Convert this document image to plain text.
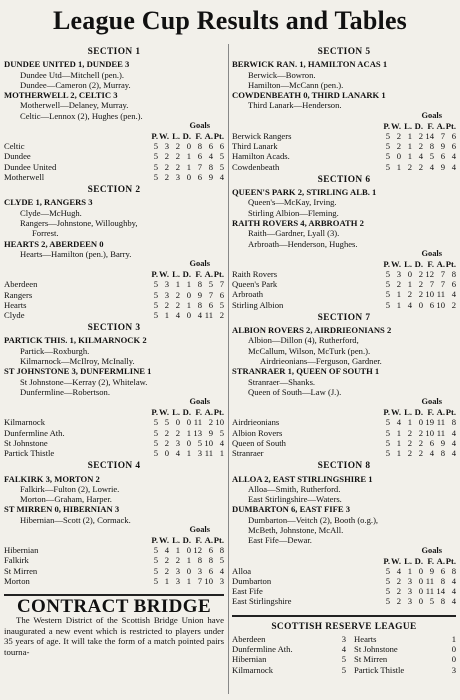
League Cup Results and Tables
SECTION 1
DUNDEE UNITED 1, DUNDEE 3
Dundee Utd—Mitchell (pen.).
Dundee—Cameron (2), Murray.
MOTHERWELL 2, CELTIC 3
Motherwell—Delaney, Murray.
Celtic—Lennox (2), Hughes (pen.).
Goals
	P.	W.	L.	D.	F.	A.	Pt.
Celtic	5	3	2	0	8	6	6
Dundee	5	2	2	1	6	4	5
Dundee United	5	2	2	1	7	8	5
Motherwell	5	2	3	0	6	9	4
SECTION 2
CLYDE 1, RANGERS 3
Clyde—McHugh.
Rangers—Johnstone, Willoughby,
Forrest.
HEARTS 2, ABERDEEN 0
Hearts—Hamilton (pen.), Barry.
Goals
	P.	W.	L.	D.	F.	A.	Pt.
Aberdeen	5	3	1	1	8	5	7
Rangers	5	3	2	0	9	7	6
Hearts	5	2	2	1	8	6	5
Clyde	5	1	4	0	4	11	2
SECTION 3
PARTICK THIS. 1, KILMARNOCK 2
Partick—Roxburgh.
Kilmarnock—McIlroy, McInally.
ST JOHNSTONE 3, DUNFERMLINE 1
St Johnstone—Kerray (2), Whitelaw.
Dunfermline—Robertson.
Goals
	P.	W.	L.	D.	F.	A.	Pt.
Kilmarnock	5	5	0	0	11	2	10
Dunfermline Ath.	5	2	2	1	13	9	5
St Johnstone	5	2	3	0	5	10	4
Partick Thistle	5	0	4	1	3	11	1
SECTION 4
FALKIRK 3, MORTON 2
Falkirk—Fulton (2), Lowrie.
Morton—Graham, Harper.
ST MIRREN 0, HIBERNIAN 3
Hibernian—Scott (2), Cormack.
Goals
	P.	W.	L.	D.	F.	A.	Pt.
Hibernian	5	4	1	0	12	6	8
Falkirk	5	2	2	1	8	8	5
St Mirren	5	2	3	0	3	6	4
Morton	5	1	3	1	7	10	3
CONTRACT BRIDGE
The Western District of the Scottish Bridge Union have inaugurated a new event which is restricted to players under 35 years of age. It will take the form of a match pointed pairs tourna-
SECTION 5
BERWICK RAN. 1, HAMILTON ACAS 1
Berwick—Bowron.
Hamilton—McCann (pen.).
COWDENBEATH 0, THIRD LANARK 1
Third Lanark—Henderson.
Goals
	P.	W.	L.	D.	F.	A.	Pt.
Berwick Rangers	5	2	1	2	14	7	6
Third Lanark	5	2	1	2	8	9	6
Hamilton Acads.	5	0	1	4	5	6	4
Cowdenbeath	5	1	2	2	4	9	4
SECTION 6
QUEEN'S PARK 2, STIRLING ALB. 1
Queen's—McKay, Irving.
Stirling Albion—Fleming.
RAITH ROVERS 4, ARBROATH 2
Raith—Gardner, Lyall (3).
Arbroath—Henderson, Hughes.
Goals
	P.	W.	L.	D.	F.	A.	Pt.
Raith Rovers	5	3	0	2	12	7	8
Queen's Park	5	2	1	2	7	7	6
Arbroath	5	1	2	2	10	11	4
Stirling Albion	5	1	4	0	6	10	2
SECTION 7
ALBION ROVERS 2, AIRDRIEONIANS 2
Albion—Dillon (4), Rutherford,
McCallum, Wilson, McTurk (pen.).
Airdrieonians—Ferguson, Gardner.
STRANRAER 1, QUEEN OF SOUTH 1
Stranraer—Shanks.
Queen of South—Law (J.).
Goals
	P.	W.	L.	D.	F.	A.	Pt.
Airdrieonians	5	4	1	0	19	11	8
Albion Rovers	5	1	2	2	10	11	4
Queen of South	5	1	2	2	6	9	4
Stranraer	5	1	2	2	4	8	4
SECTION 8
ALLOA 2, EAST STIRLINGSHIRE 1
Alloa—Smith, Rutherford.
East Stirlingshire—Waters.
DUMBARTON 6, EAST FIFE 3
Dumbarton—Veitch (2), Booth (o.g.),
McBeth, Johnstone, McAll.
East Fife—Dewar.
Goals
	P.	W.	L.	D.	F.	A.	Pt.
Alloa	5	4	1	0	9	6	8
Dumbarton	5	2	3	0	11	8	4
East Fife	5	2	3	0	11	14	4
East Stirlingshire	5	2	3	0	5	8	4
SCOTTISH RESERVE LEAGUE
Aberdeen	3	Hearts	1
Dunfermline Ath.	4	St Johnstone	0
Hibernian	5	St Mirren	0
Kilmarnock	5	Partick Thistle	3
